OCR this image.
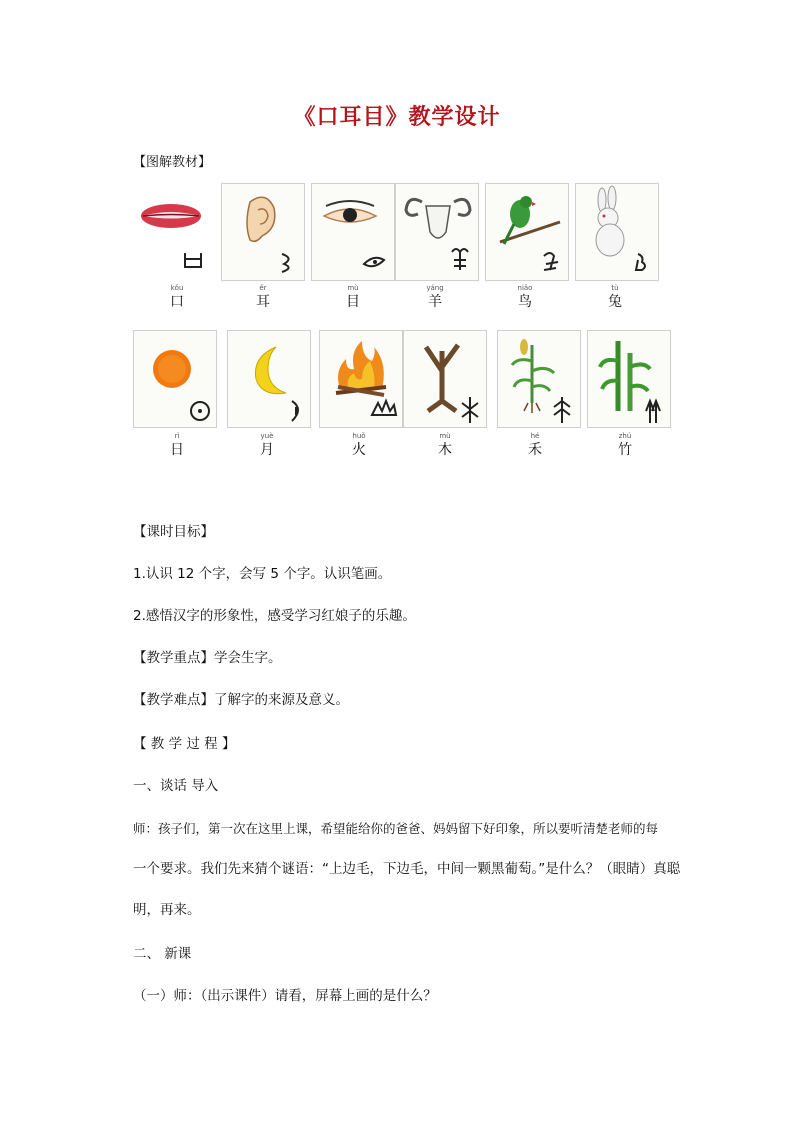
《口耳目》教学设计
【图解教材】
kǒu
口
ěr
耳
mù
目
yáng
羊
niǎo
鸟
tù
兔
rì
日
yuè
月
huǒ
火
mù
木
hé
禾
zhú
竹
【课时目标】
1.认识 12 个字，会写 5 个字。认识笔画。
2.感悟汉字的形象性，感受学习红娘子的乐趣。
【教学重点】学会生字。
【教学难点】了解字的来源及意义。
【 教 学 过 程 】
一、谈话 导入
师：孩子们，第一次在这里上课，希望能给你的爸爸、妈妈留下好印象，所以要听清楚老师的每
一个要求。我们先来猜个谜语：“上边毛，下边毛，中间一颗黑葡萄。”是什么？（眼睛）真聪
明，再来。
二、 新课
（一）师：（出示课件）请看，屏幕上画的是什么？
